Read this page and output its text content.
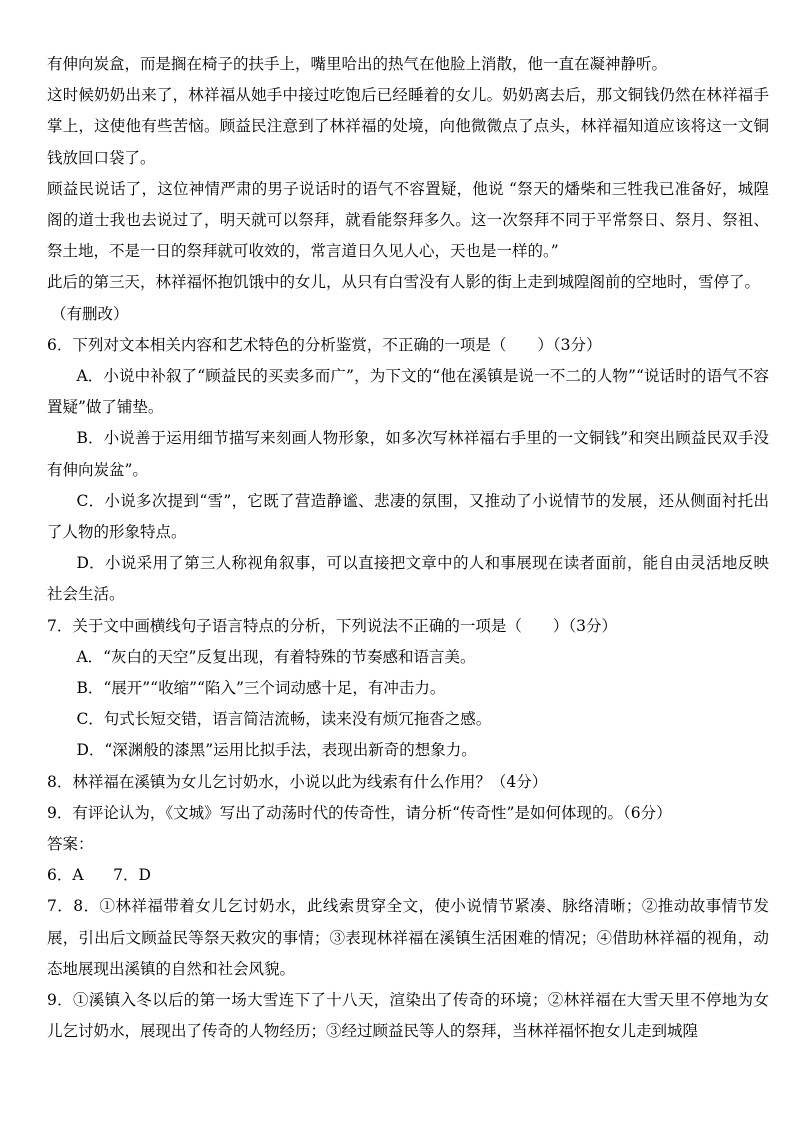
有伸向炭盒，而是搁在椅子的扶手上，嘴里哈出的热气在他脸上消散，他一直在凝神静听。

这时候奶奶出来了，林祥福从她手中接过吃饱后已经睡着的女儿。奶奶离去后，那文铜钱仍然在林祥福手掌上，这使他有些苦恼。顾益民注意到了林祥福的处境，向他微微点了点头，林祥福知道应该将这一文铜钱放回口袋了。

顾益民说话了，这位神情严肃的男子说话时的语气不容置疑，他说 “祭天的燔柴和三牲我已准备好，城隍阁的道士我也去说过了，明天就可以祭拜，就看能祭拜多久。这一次祭拜不同于平常祭日、祭月、祭祖、祭土地，不是一日的祭拜就可收效的，常言道日久见人心，天也是一样的。”

此后的第三天，林祥福怀抱饥饿中的女儿，从只有白雪没有人影的街上走到城隍阁前的空地时，雪停了。

（有删改）

6．下列对文本相关内容和艺术特色的分析鉴赏，不正确的一项是（　　）（3分）

A．小说中补叙了“顾益民的买卖多而广”，为下文的“他在溪镇是说一不二的人物”“说话时的语气不容置疑”做了铺垫。

B．小说善于运用细节描写来刻画人物形象，如多次写林祥福右手里的一文铜钱”和突出顾益民双手没有伸向炭盆”。

C．小说多次提到“雪”，它既了营造静谧、悲凄的氛围，又推动了小说情节的发展，还从侧面衬托出了人物的形象特点。

D．小说采用了第三人称视角叙事，可以直接把文章中的人和事展现在读者面前，能自由灵活地反映社会生活。

7．关于文中画横线句子语言特点的分析，下列说法不正确的一项是（　　）（3分）

A．“灰白的天空”反复出现，有着特殊的节奏感和语言美。

B．“展开”“收缩”“陷入”三个词动感十足，有冲击力。

C．句式长短交错，语言简洁流畅，读来没有烦冗拖沓之感。

D．“深渊般的漆黑”运用比拟手法，表现出新奇的想象力。

8．林祥福在溪镇为女儿乞讨奶水，小说以此为线索有什么作用？（4分）

9．有评论认为，《文城》写出了动荡时代的传奇性，请分析“传奇性”是如何体现的。（6分）

答案：

6．A 7．D

7．8．①林祥福带着女儿乞讨奶水，此线索贯穿全文，使小说情节紧凑、脉络清晰；②推动故事情节发展，引出后文顾益民等祭天救灾的事情；③表现林祥福在溪镇生活困难的情况；④借助林祥福的视角，动态地展现出溪镇的自然和社会风貌。

9．①溪镇入冬以后的第一场大雪连下了十八天，渲染出了传奇的环境；②林祥福在大雪天里不停地为女儿乞讨奶水，展现出了传奇的人物经历；③经过顾益民等人的祭拜，当林祥福怀抱女儿走到城隍
